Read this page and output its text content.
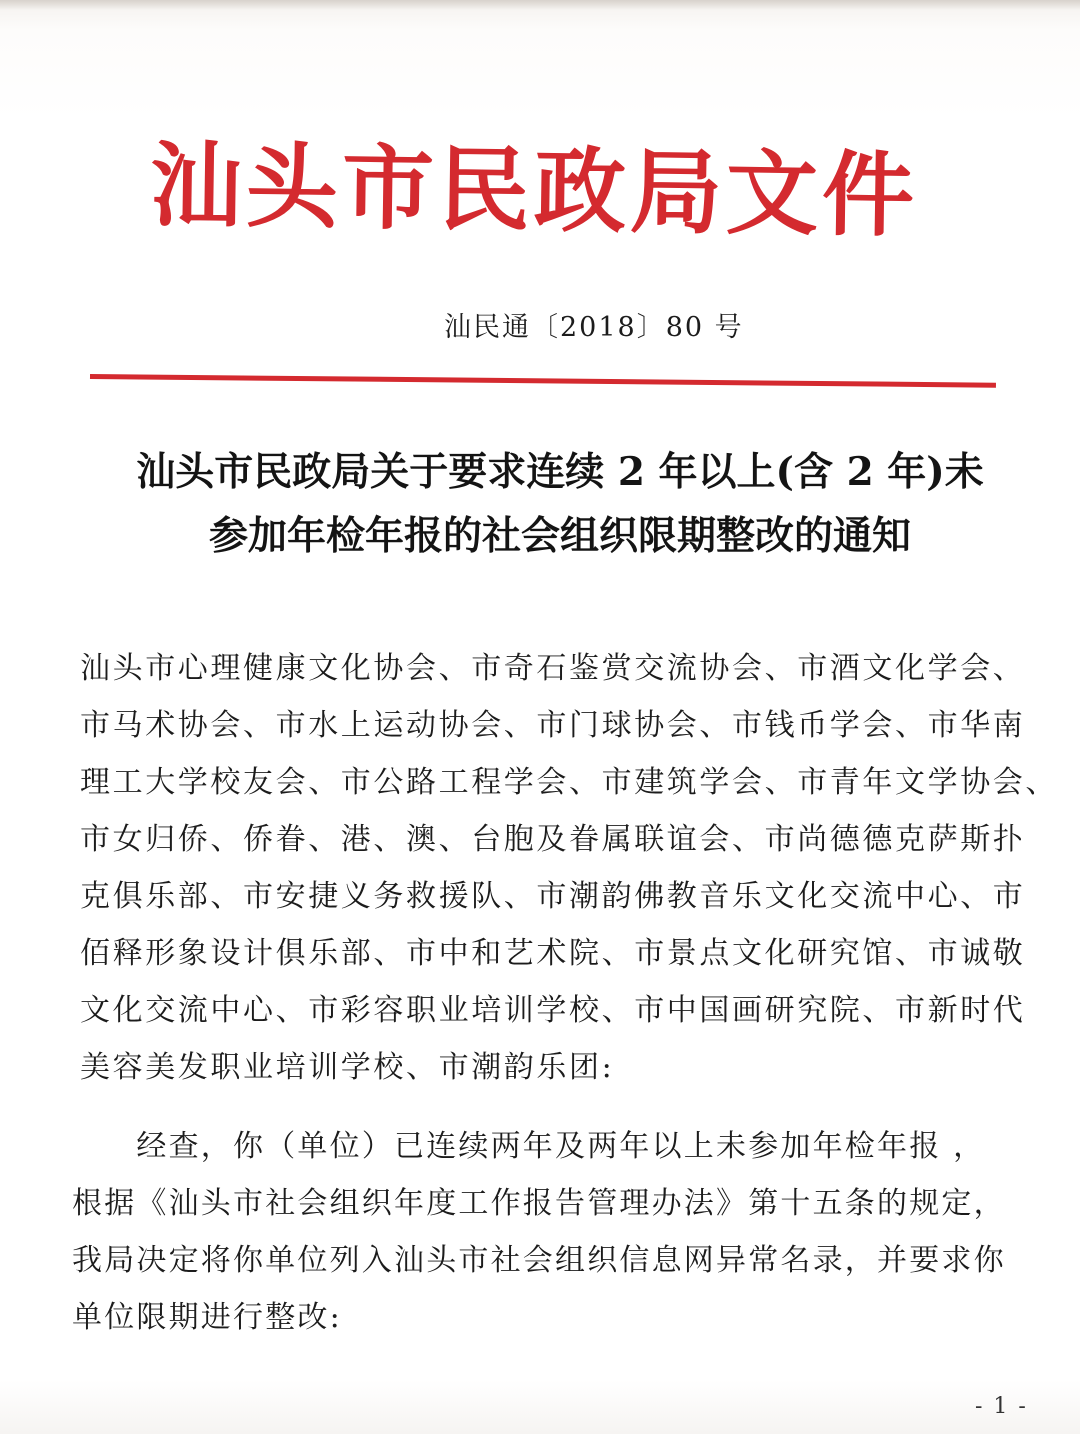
汕头市民政局文件
汕民通〔2018〕80 号
汕头市民政局关于要求连续 2 年以上(含 2 年)未
参加年检年报的社会组织限期整改的通知
汕头市心理健康文化协会、市奇石鉴赏交流协会、市酒文化学会、
市马术协会、市水上运动协会、市门球协会、市钱币学会、市华南
理工大学校友会、市公路工程学会、市建筑学会、市青年文学协会、
市女归侨、侨眷、港、澳、台胞及眷属联谊会、市尚德德克萨斯扑
克俱乐部、市安捷义务救援队、市潮韵佛教音乐文化交流中心、市
佰释形象设计俱乐部、市中和艺术院、市景点文化研究馆、市诚敬
文化交流中心、市彩容职业培训学校、市中国画研究院、市新时代
美容美发职业培训学校、市潮韵乐团:
　　经查，你（单位）已连续两年及两年以上未参加年检年报 ，
根据《汕头市社会组织年度工作报告管理办法》第十五条的规定，
我局决定将你单位列入汕头市社会组织信息网异常名录，并要求你
单位限期进行整改:
- 1 -
